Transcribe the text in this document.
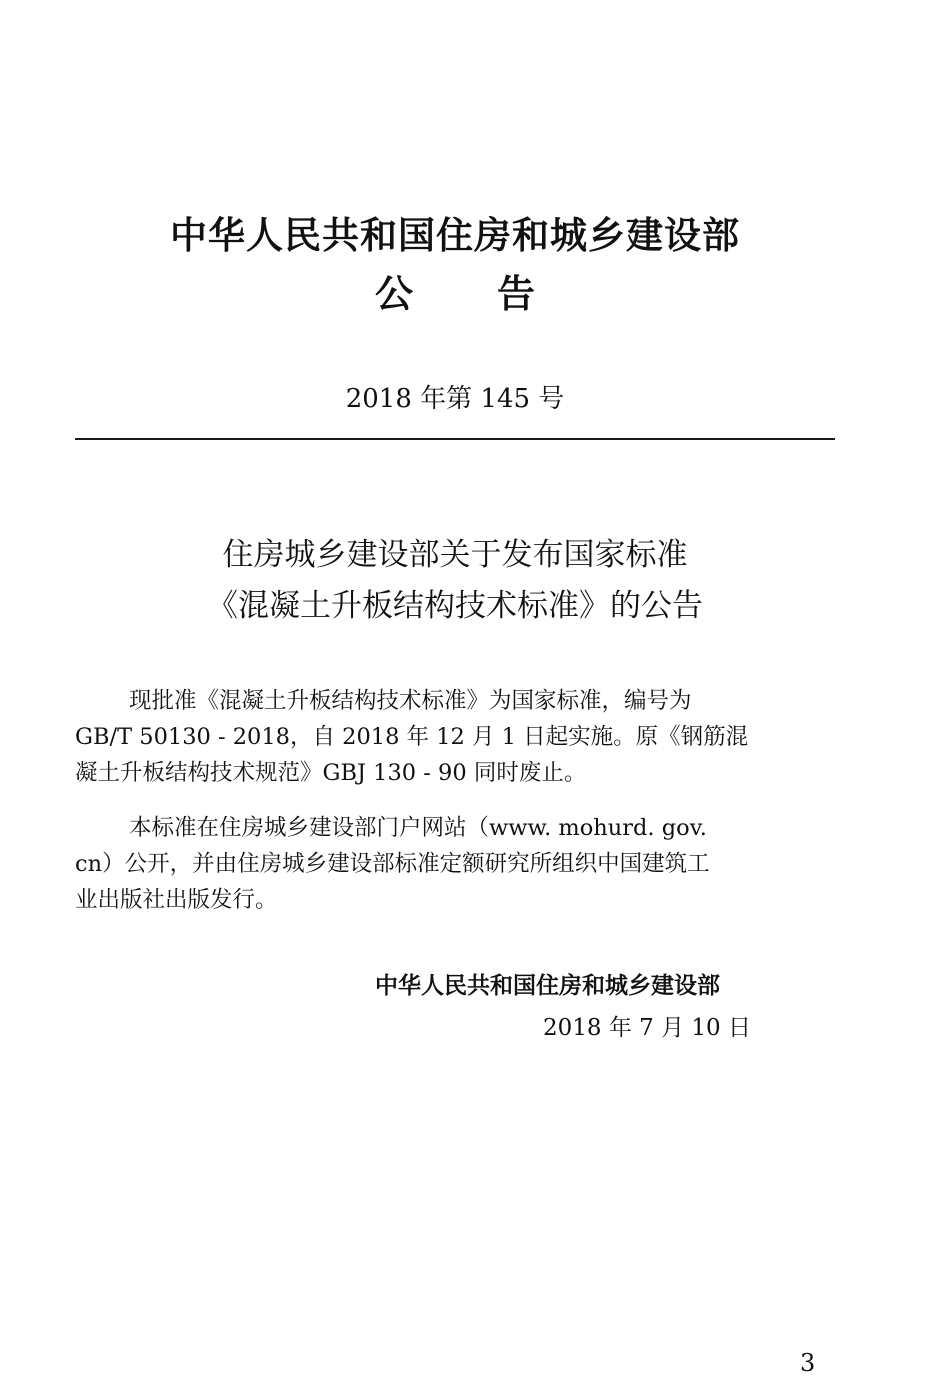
中华人民共和国住房和城乡建设部
公 告
2018 年第 145 号
住房城乡建设部关于发布国家标准
《混凝土升板结构技术标准》的公告
现批准《混凝土升板结构技术标准》为国家标准，编号为
GB/T 50130 - 2018，自 2018 年 12 月 1 日起实施。原《钢筋混
凝土升板结构技术规范》GBJ 130 - 90 同时废止。
本标准在住房城乡建设部门户网站（www. mohurd. gov.
cn）公开，并由住房城乡建设部标准定额研究所组织中国建筑工
业出版社出版发行。
中华人民共和国住房和城乡建设部
2018 年 7 月 10 日
3
